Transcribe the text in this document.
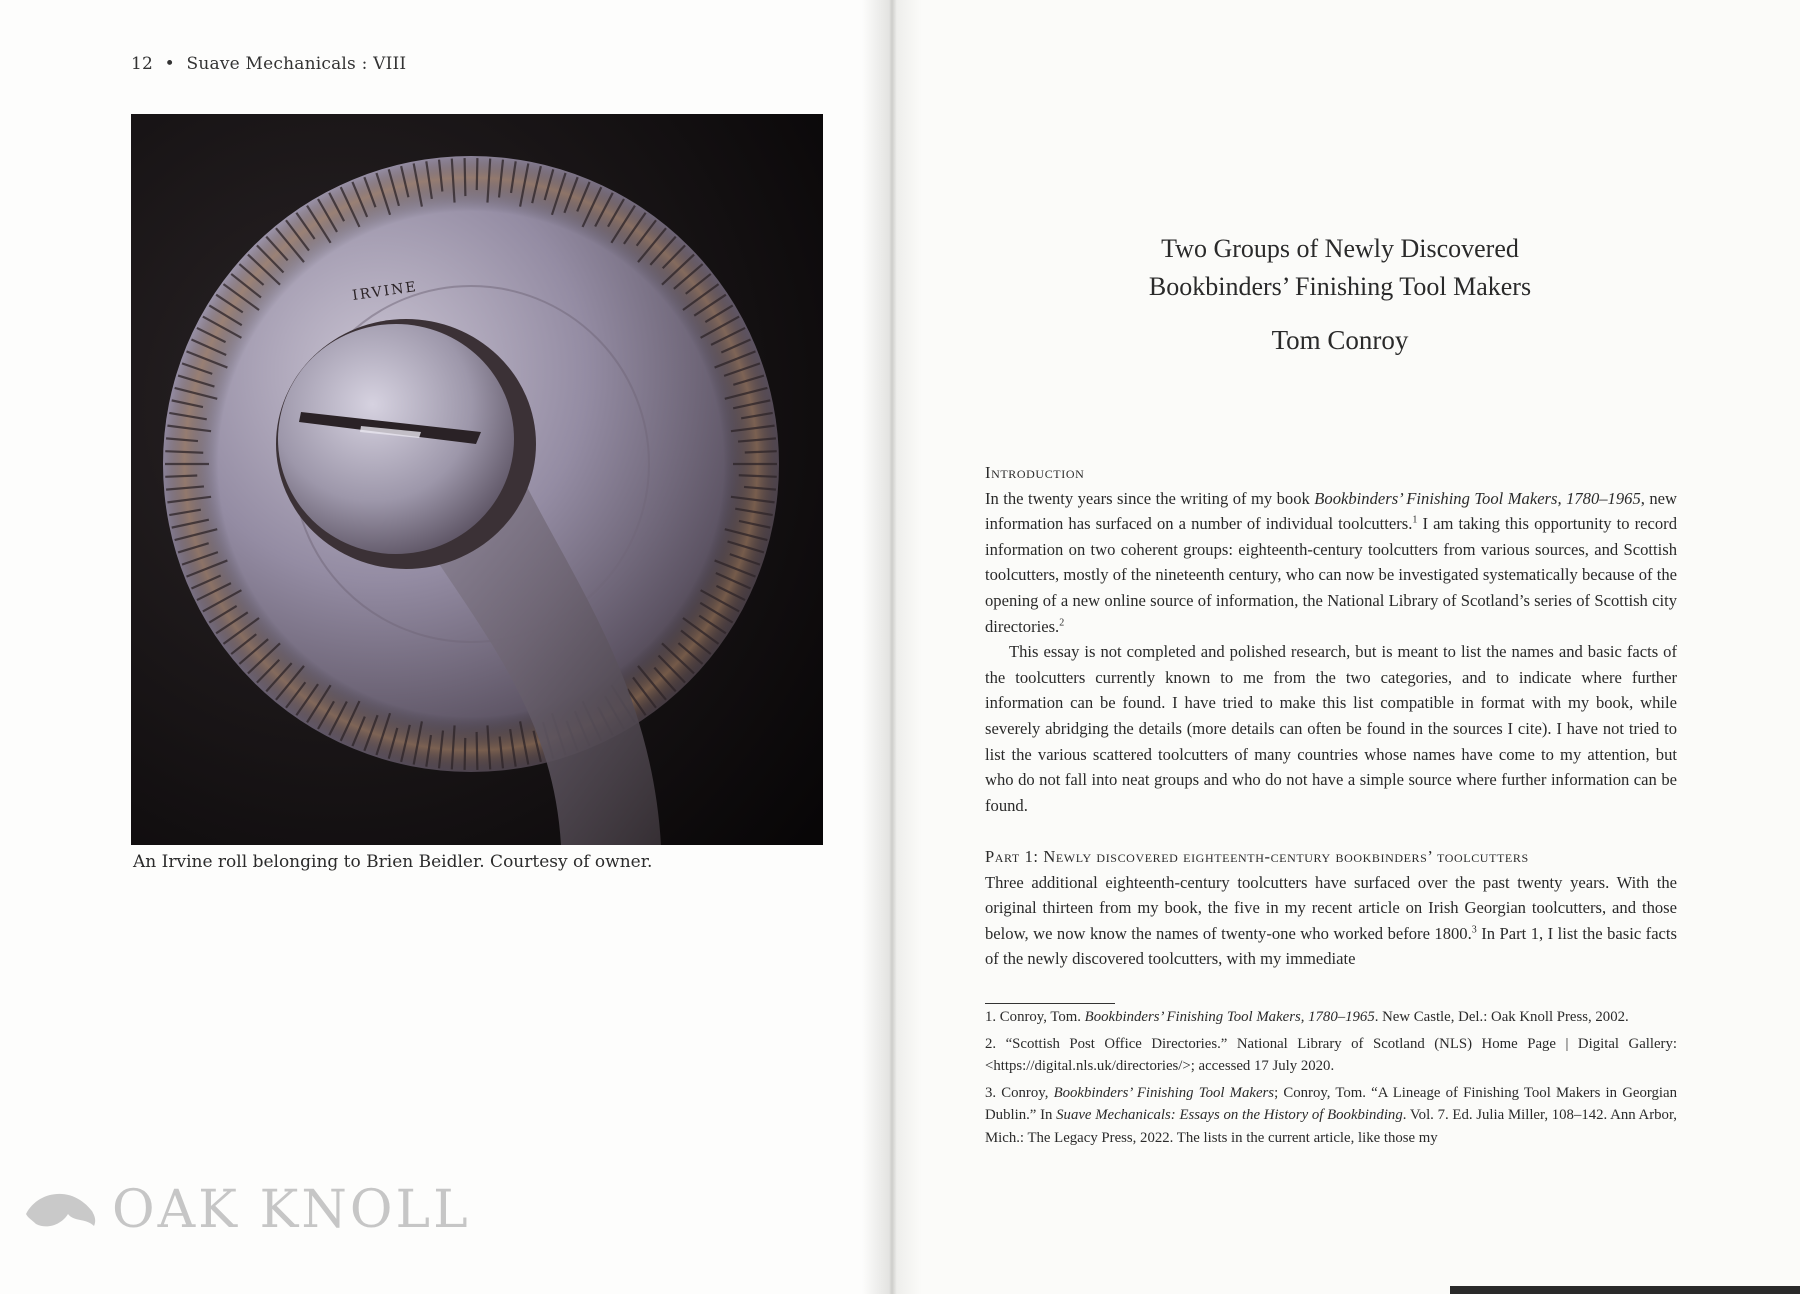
12 • Suave Mechanicals : VIII
IRVINE
An Irvine roll belonging to Brien Beidler. Courtesy of owner.
OAK KNOLL
Two Groups of Newly Discovered
Bookbinders’ Finishing Tool Makers
Tom Conroy

Introduction

In the twenty years since the writing of my book Bookbinders’ Finishing Tool Makers, 1780–1965, new information has surfaced on a number of individual toolcutters.$^1$ I am taking this opportunity to record information on two coherent groups: eighteenth-century toolcutters from various sources, and Scottish toolcutters, mostly of the nineteenth century, who can now be investigated systematically because of the opening of a new online source of information, the National Library of Scotland’s series of Scottish city directories.$^2$

This essay is not completed and polished research, but is meant to list the names and basic facts of the toolcutters currently known to me from the two categories, and to indicate where further information can be found. I have tried to make this list compatible in format with my book, while severely abridging the details (more details can often be found in the sources I cite). I have not tried to list the various scattered toolcutters of many countries whose names have come to my attention, but who do not fall into neat groups and who do not have a simple source where further information can be found.

Part 1: Newly discovered eighteenth-century bookbinders’ toolcutters

Three additional eighteenth-century toolcutters have surfaced over the past twenty years. With the original thirteen from my book, the five in my recent article on Irish Georgian toolcutters, and those below, we now know the names of twenty-one who worked before 1800.$^3$ In Part 1, I list the basic facts of the newly discovered toolcutters, with my immediate

1. Conroy, Tom. Bookbinders’ Finishing Tool Makers, 1780–1965. New Castle, Del.: Oak Knoll Press, 2002.

2. “Scottish Post Office Directories.” National Library of Scotland (NLS) Home Page | Digital Gallery: <https://digital.nls.uk/directories/>; accessed 17 July 2020.

3. Conroy, Bookbinders’ Finishing Tool Makers; Conroy, Tom. “A Lineage of Finishing Tool Makers in Georgian Dublin.” In Suave Mechanicals: Essays on the History of Bookbinding. Vol. 7. Ed. Julia Miller, 108–142. Ann Arbor, Mich.: The Legacy Press, 2022. The lists in the current article, like those my
